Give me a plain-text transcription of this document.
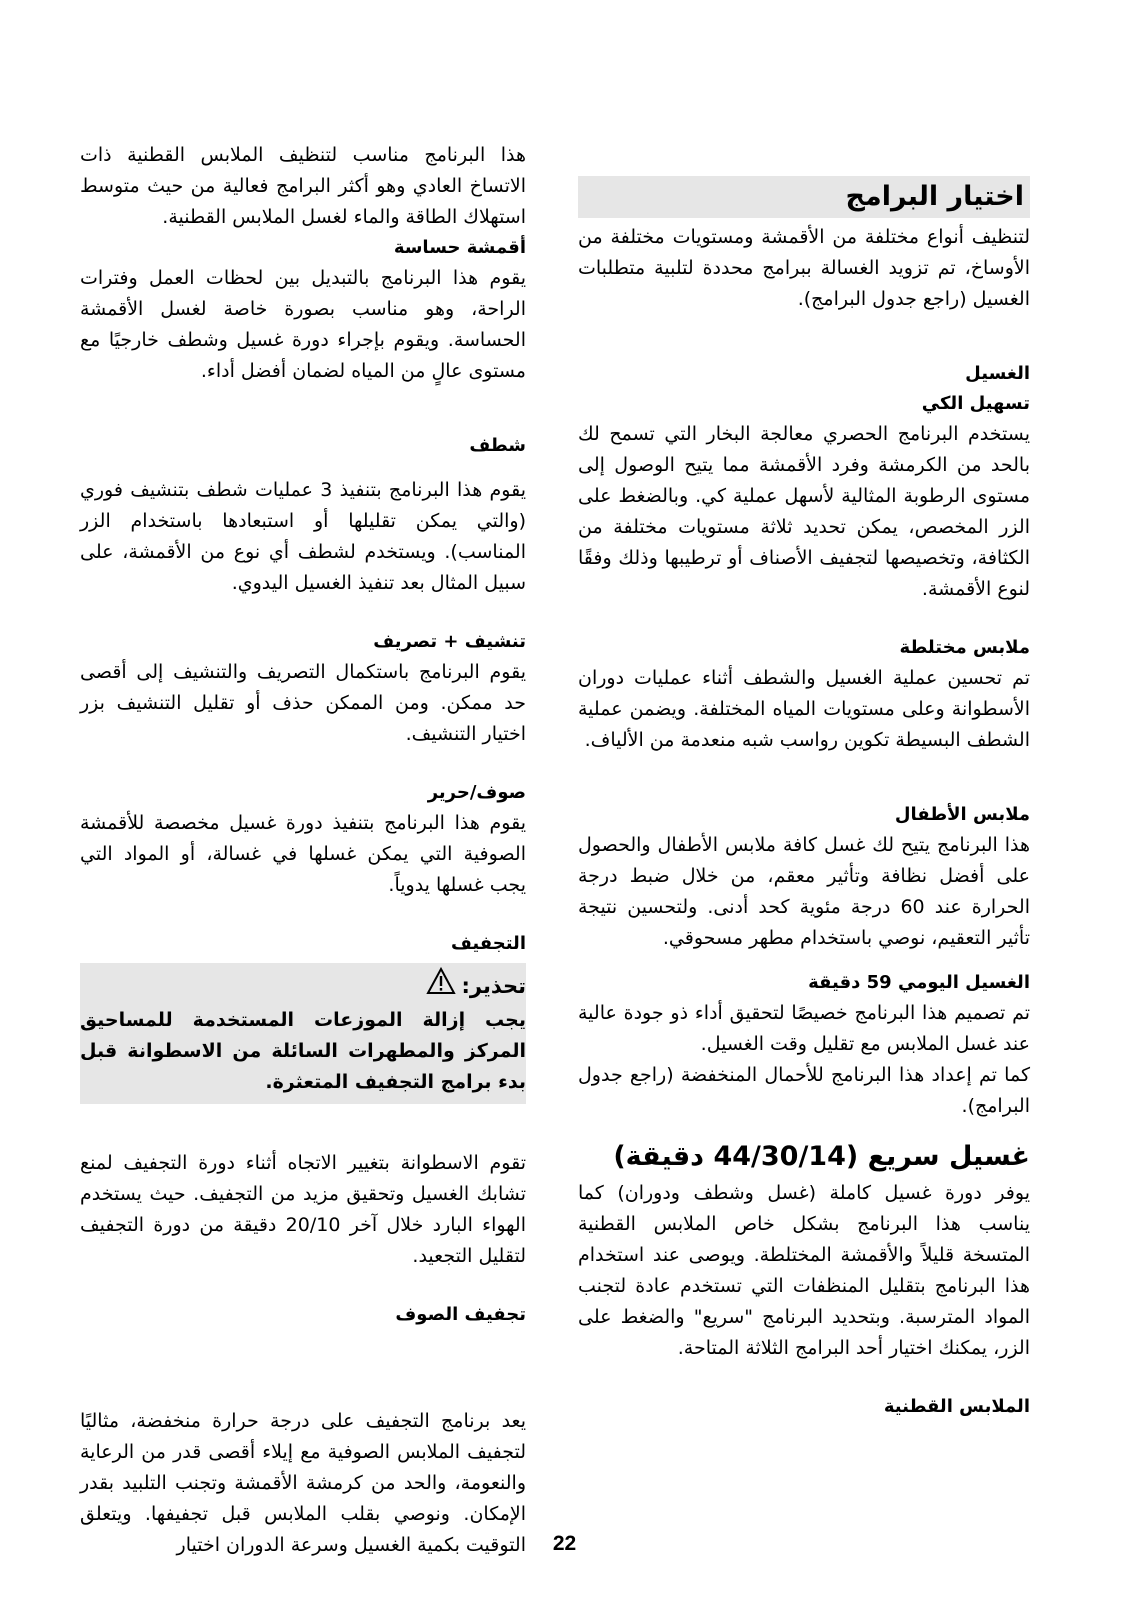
اختيار البرامج

لتنظيف أنواع مختلفة من الأقمشة ومستويات مختلفة من الأوساخ، تم تزويد الغسالة ببرامج محددة لتلبية متطلبات الغسيل (راجع جدول البرامج).

الغسيل
تسهيل الكي

يستخدم البرنامج الحصري معالجة البخار التي تسمح لك بالحد من الكرمشة وفرد الأقمشة مما يتيح الوصول إلى مستوى الرطوبة المثالية لأسهل عملية كي. وبالضغط على الزر المخصص، يمكن تحديد ثلاثة مستويات مختلفة من الكثافة، وتخصيصها لتجفيف الأصناف أو ترطيبها وذلك وفقًا لنوع الأقمشة.

ملابس مختلطة

تم تحسين عملية الغسيل والشطف أثناء عمليات دوران الأسطوانة وعلى مستويات المياه المختلفة. ويضمن عملية الشطف البسيطة تكوين رواسب شبه منعدمة من الألياف.

ملابس الأطفال

هذا البرنامج يتيح لك غسل كافة ملابس الأطفال والحصول على أفضل نظافة وتأثير معقم، من خلال ضبط درجة الحرارة عند 60 درجة مئوية كحد أدنى. ولتحسين نتيجة تأثير التعقيم، نوصي باستخدام مطهر مسحوقي.

الغسيل اليومي 59 دقيقة

تم تصميم هذا البرنامج خصيصًا لتحقيق أداء ذو جودة عالية عند غسل الملابس مع تقليل وقت الغسيل.

كما تم إعداد هذا البرنامج للأحمال المنخفضة (راجع جدول البرامج).

غسيل سريع (44/30/14 دقيقة)

يوفر دورة غسيل كاملة (غسل وشطف ودوران) كما يناسب هذا البرنامج بشكل خاص الملابس القطنية المتسخة قليلاً والأقمشة المختلطة. ويوصى عند استخدام هذا البرنامج بتقليل المنظفات التي تستخدم عادة لتجنب المواد المترسبة. وبتحديد البرنامج "سريع" والضغط على الزر، يمكنك اختيار أحد البرامج الثلاثة المتاحة.

الملابس القطنية

هذا البرنامج مناسب لتنظيف الملابس القطنية ذات الاتساخ العادي وهو أكثر البرامج فعالية من حيث متوسط استهلاك الطاقة والماء لغسل الملابس القطنية.

أقمشة حساسة

يقوم هذا البرنامج بالتبديل بين لحظات العمل وفترات الراحة، وهو مناسب بصورة خاصة لغسل الأقمشة الحساسة. ويقوم بإجراء دورة غسيل وشطف خارجيًا مع مستوى عالٍ من المياه لضمان أفضل أداء.

شطف

يقوم هذا البرنامج بتنفيذ 3 عمليات شطف بتنشيف فوري (والتي يمكن تقليلها أو استبعادها باستخدام الزر المناسب). ويستخدم لشطف أي نوع من الأقمشة، على سبيل المثال بعد تنفيذ الغسيل اليدوي.

تنشيف + تصريف

يقوم البرنامج باستكمال التصريف والتنشيف إلى أقصى حد ممكن. ومن الممكن حذف أو تقليل التنشيف بزر اختيار التنشيف.

صوف/حرير

يقوم هذا البرنامج بتنفيذ دورة غسيل مخصصة للأقمشة الصوفية التي يمكن غسلها في غسالة، أو المواد التي يجب غسلها يدوياً.

التجفيف
تحذير:
يجب إزالة الموزعات المستخدمة للمساحيق المركز والمطهرات السائلة من الاسطوانة قبل بدء برامج التجفيف المتعثرة.

تقوم الاسطوانة بتغيير الاتجاه أثناء دورة التجفيف لمنع تشابك الغسيل وتحقيق مزيد من التجفيف. حيث يستخدم الهواء البارد خلال آخر 20/10 دقيقة من دورة التجفيف لتقليل التجعيد.

تجفيف الصوف

يعد برنامج التجفيف على درجة حرارة منخفضة، مثاليًا لتجفيف الملابس الصوفية مع إيلاء أقصى قدر من الرعاية والنعومة، والحد من كرمشة الأقمشة وتجنب التلبيد بقدر الإمكان. ونوصي بقلب الملابس قبل تجفيفها. ويتعلق التوقيت بكمية الغسيل وسرعة الدوران اختيار	22
